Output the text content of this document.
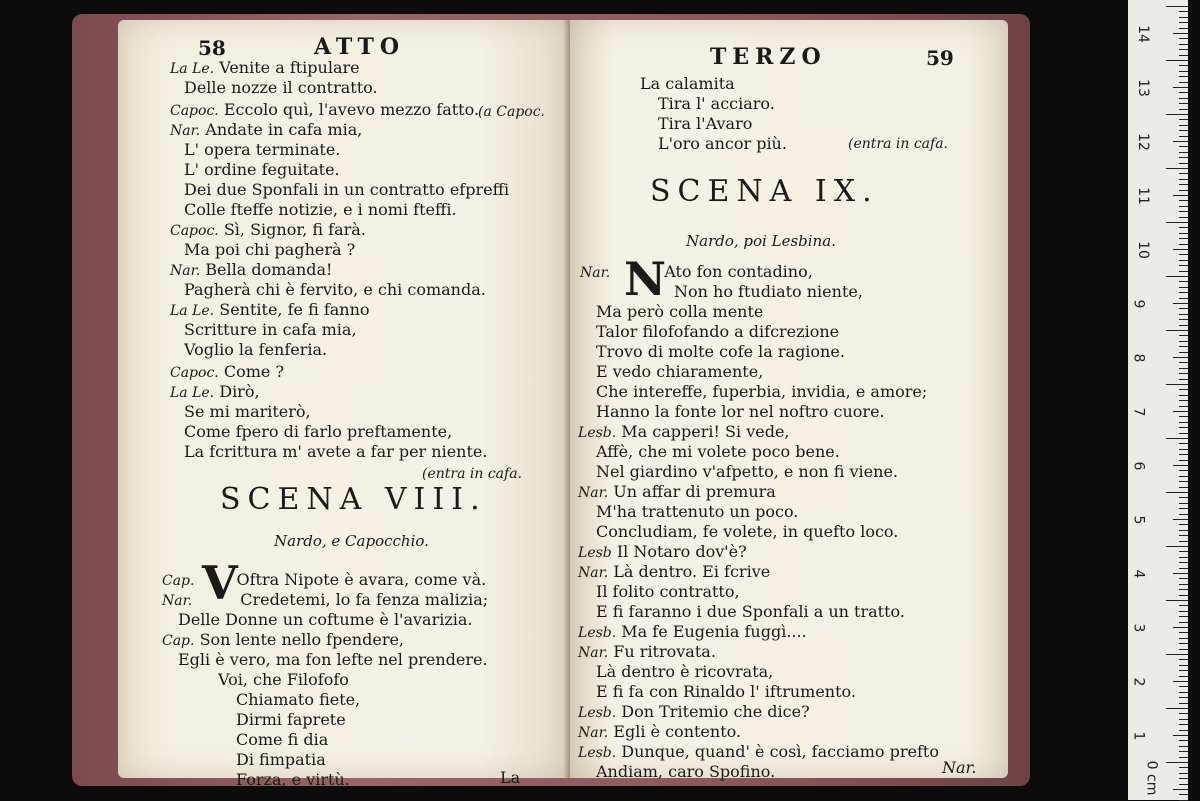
58	ATTO
La Le. Venite a ftipulare
Delle nozze il contratto.
Capoc. Eccolo quì, l'avevo mezzo fatto.
Nar. Andate in cafa mia,
L' opera terminate.
L' ordine feguitate.
Dei due Sponfali in un contratto efpreffi
Colle fteffe notizie, e i nomi fteffi.
Capoc. Sì, Signor, fi farà.
Ma poi chi pagherà ?
Nar. Bella domanda!
Pagherà chi è fervito, e chi comanda.
La Le. Sentite, fe fi fanno
Scritture in cafa mia,
Voglio la fenferia.
Capoc. Come ?
La Le. Dirò,
Se mi mariterò,
Come fpero di farlo preftamente,
La fcrittura m' avete a far per niente.
(a Capoc.
(entra in cafa.
SCENA VIII.
Nardo, e Capocchio.
V
Cap.	Oftra Nipote è avara, come và.
Nar.	Credetemi, lo fa fenza malizia;
Delle Donne un coftume è l'avarizia.
Cap. Son lente nello fpendere,
Egli è vero, ma fon lefte nel prendere.
Voi, che Filofofo
Chiamato fiete,
Dirmi faprete
Come fi dia
Di fimpatia
Forza, e virtù.	La
TERZO	59
La calamita
Tira l' acciaro.
Tira l'Avaro
L'oro ancor più.	(entra in cafa.
SCENA IX.
Nardo, poi Lesbina.
N
Nar.	Ato fon contadino,
Non ho ftudiato niente,
Ma però colla mente
Talor filofofando a difcrezione
Trovo di molte cofe la ragione.
E vedo chiaramente,
Che intereffe, fuperbia, invidia, e amore;
Hanno la fonte lor nel noftro cuore.
Lesb. Ma capperi! Si vede,
Affè, che mi volete poco bene.
Nel giardino v'afpetto, e non fi viene.
Nar. Un affar di premura
M'ha trattenuto un poco.
Concludiam, fe volete, in quefto loco.
Lesb Il Notaro dov'è?
Nar. Là dentro. Ei fcrive
Il folito contratto,
E fi faranno i due Sponfali a un tratto.
Lesb. Ma fe Eugenia fuggì....
Nar. Fu ritrovata.
Là dentro è ricovrata,
E fi fa con Rinaldo l' iftrumento.
Lesb. Don Tritemio che dice?
Nar. Egli è contento.
Lesb. Dunque, quand' è così, facciamo prefto
Andiam, caro Spofino.	Nar.
14
13
12
11
10
9
8
7
6
5
4
3
2
1
0 cm
